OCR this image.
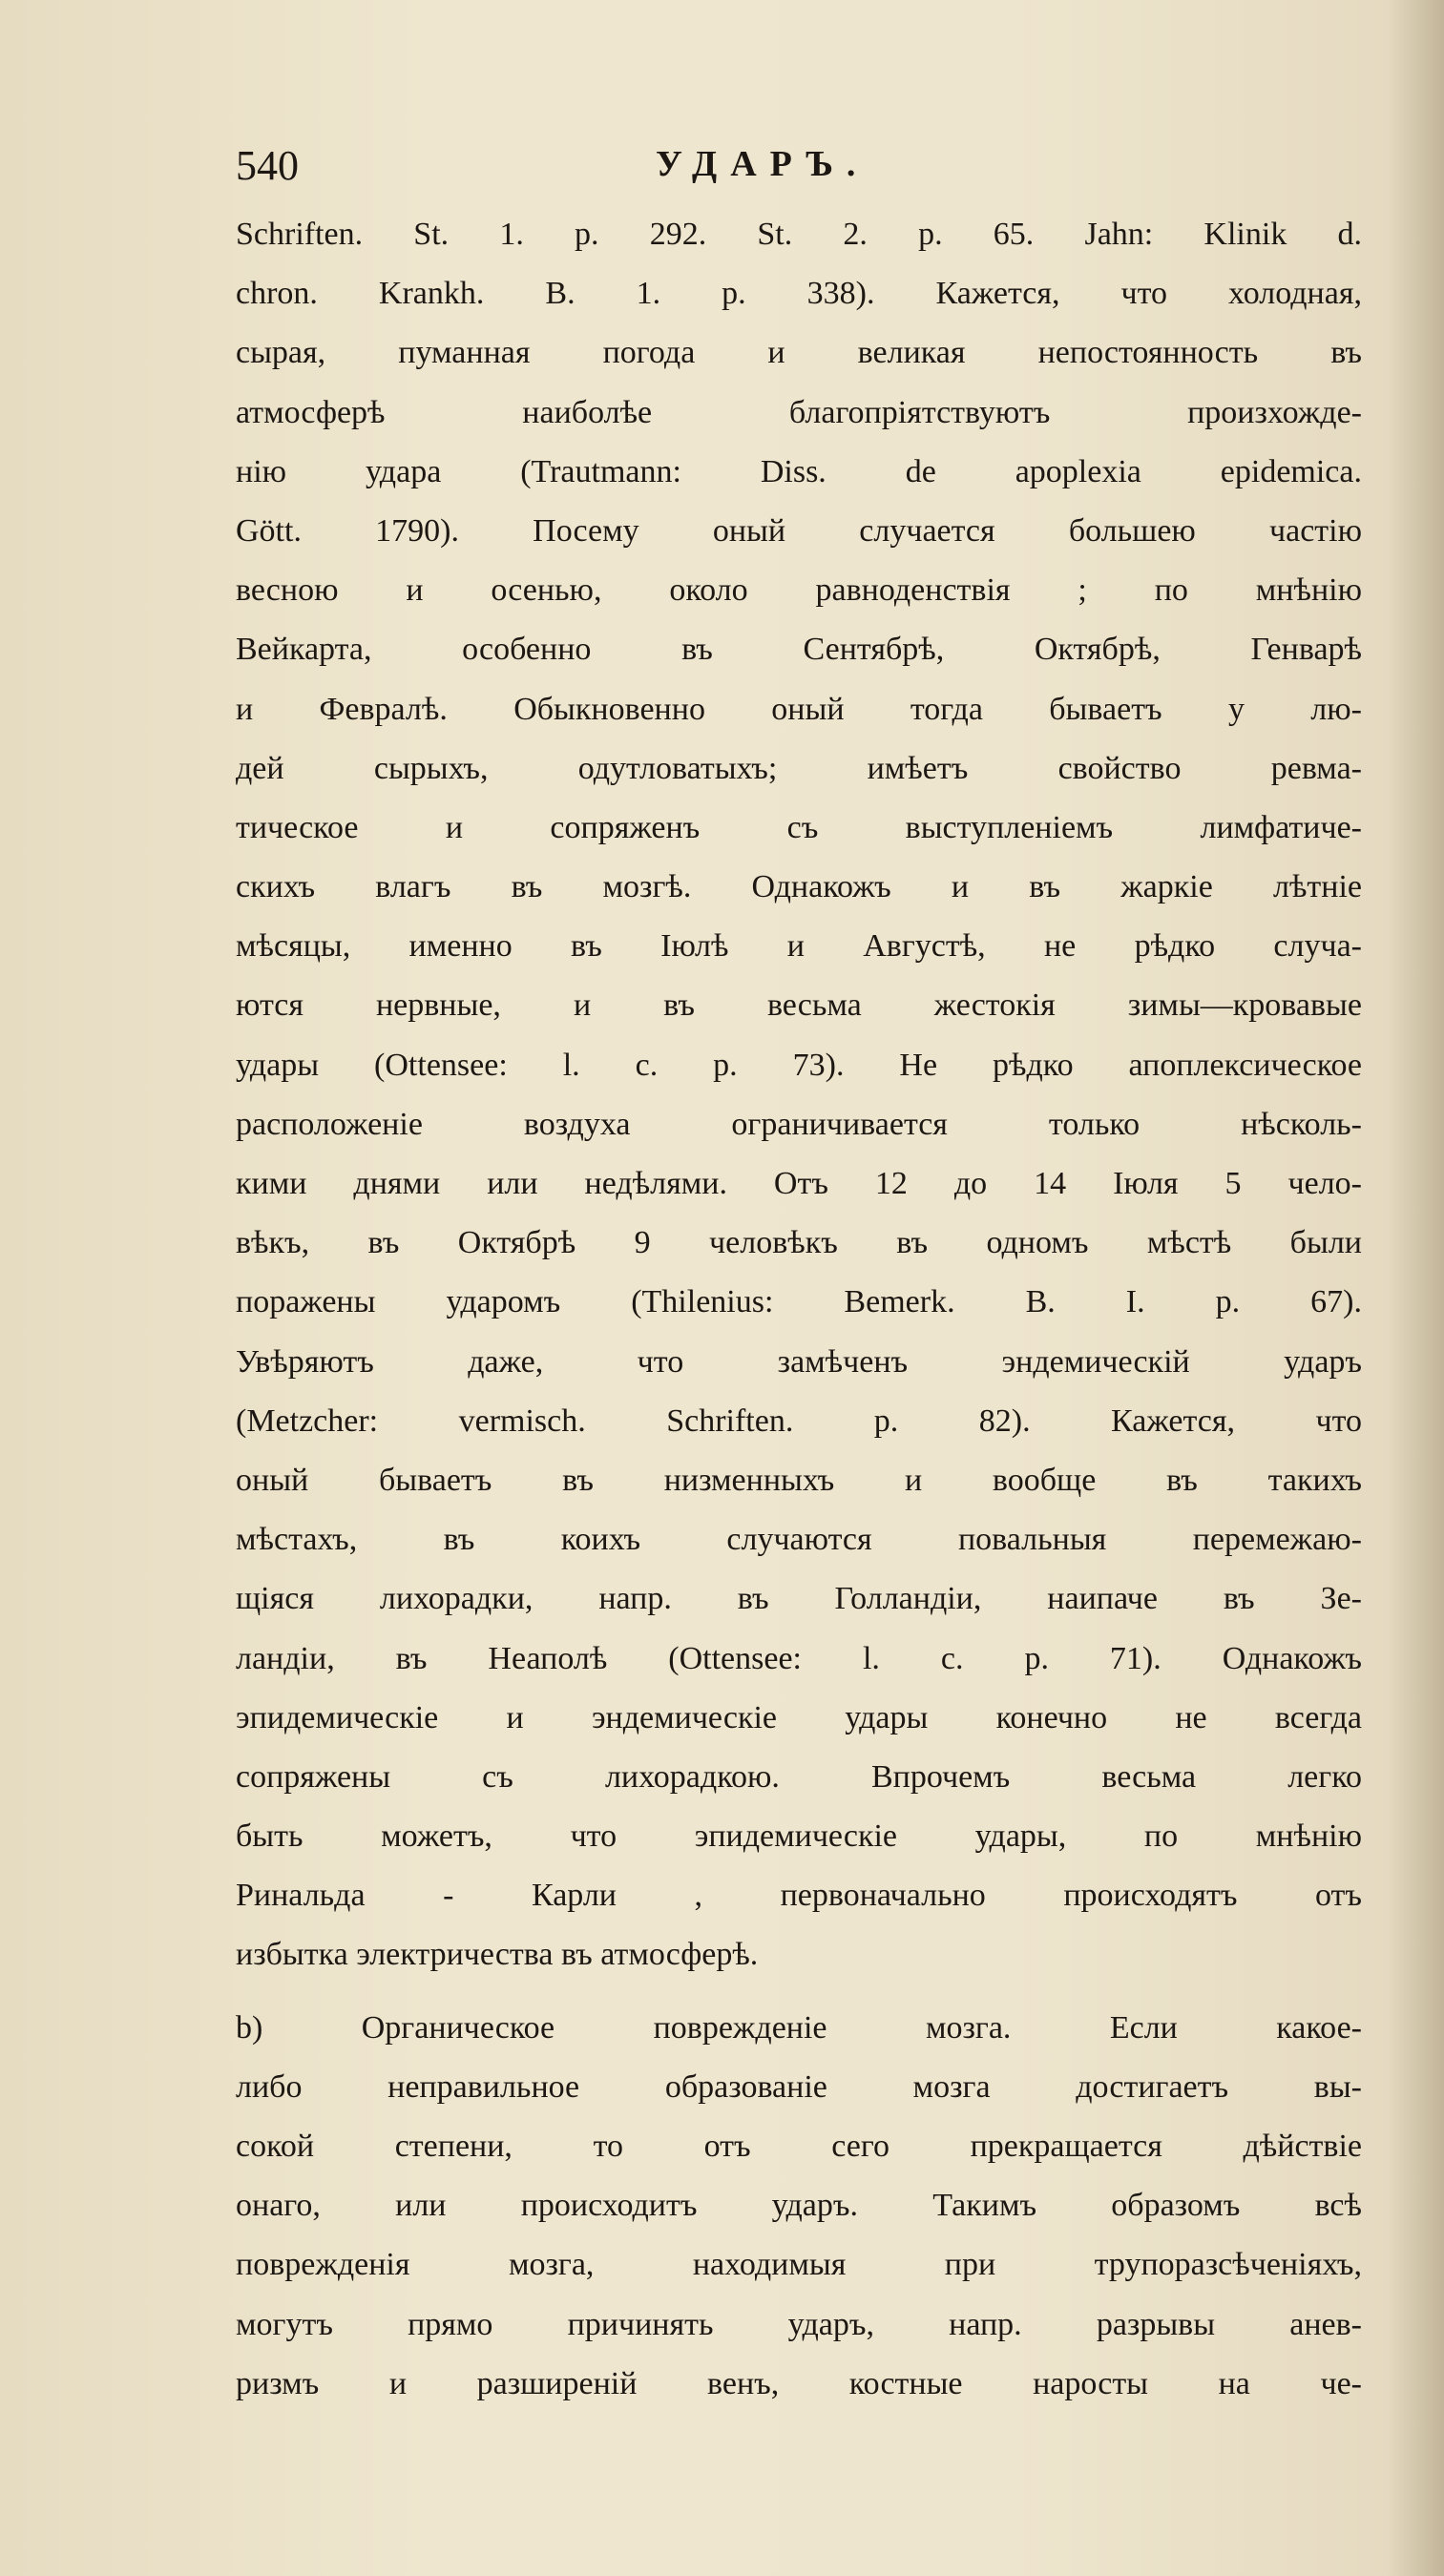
540	УДАРЪ.
Schriften. St. 1. p. 292. St. 2. p. 65. Jahn: Klinik d.
chron. Krankh. B. 1. p. 338). Кажется, что холодная,
сырая, пуманная погода и великая непостоянность въ
атмосферѣ наиболѣе благопріятствуютъ произхожде-
нію удара (Trautmann: Diss. de apoplexia epidemica.
Gött. 1790). Посему оный случается большею частію
весною и осенью, около равноденствія ; по мнѣнію
Вейкарта, особенно въ Сентябрѣ, Октябрѣ, Генварѣ
и Февралѣ. Обыкновенно оный тогда бываетъ у лю-
дей сырыхъ, одутловатыхъ; имѣетъ свойство ревма-
тическое и сопряженъ съ выступленіемъ лимфатиче-
скихъ влагъ въ мозгѣ. Однакожъ и въ жаркіе лѣтніе
мѣсяцы, именно въ Іюлѣ и Августѣ, не рѣдко случа-
ются нервные, и въ весьма жестокія зимы—кровавые
удары (Ottensee: l. c. p. 73). Не рѣдко апоплексическое
расположеніе воздуха ограничивается только нѣсколь-
кими днями или недѣлями. Отъ 12 до 14 Іюля 5 чело-
вѣкъ, въ Октябрѣ 9 человѣкъ въ одномъ мѣстѣ были
поражены ударомъ (Thilenius: Bemerk. B. I. p. 67).
Увѣряютъ даже, что замѣченъ эндемическій ударъ
(Metzcher: vermisch. Schriften. p. 82). Кажется, что
оный бываетъ въ низменныхъ и вообще въ такихъ
мѣстахъ, въ коихъ случаются повальныя перемежаю-
щіяся лихорадки, напр. въ Голландіи, наипаче въ Зе-
ландіи, въ Неаполѣ (Ottensee: l. c. p. 71). Однакожъ
эпидемическіе и эндемическіе удары конечно не всегда
сопряжены съ лихорадкою. Впрочемъ весьма легко
быть можетъ, что эпидемическіе удары, по мнѣнію
Ринальда - Карли , первоначально происходятъ отъ
избытка электричества въ атмосферѣ.
b) Органическое поврежденіе мозга. Если какое-
либо неправильное образованіе мозга достигаетъ вы-
сокой степени, то отъ сего прекращается дѣйствіе
онаго, или происходитъ ударъ. Такимъ образомъ всѣ
поврежденія мозга, находимыя при трупоразсѣченіяхъ,
могутъ прямо причинять ударъ, напр. разрывы анев-
ризмъ и разширеній венъ, костные наросты на че-
